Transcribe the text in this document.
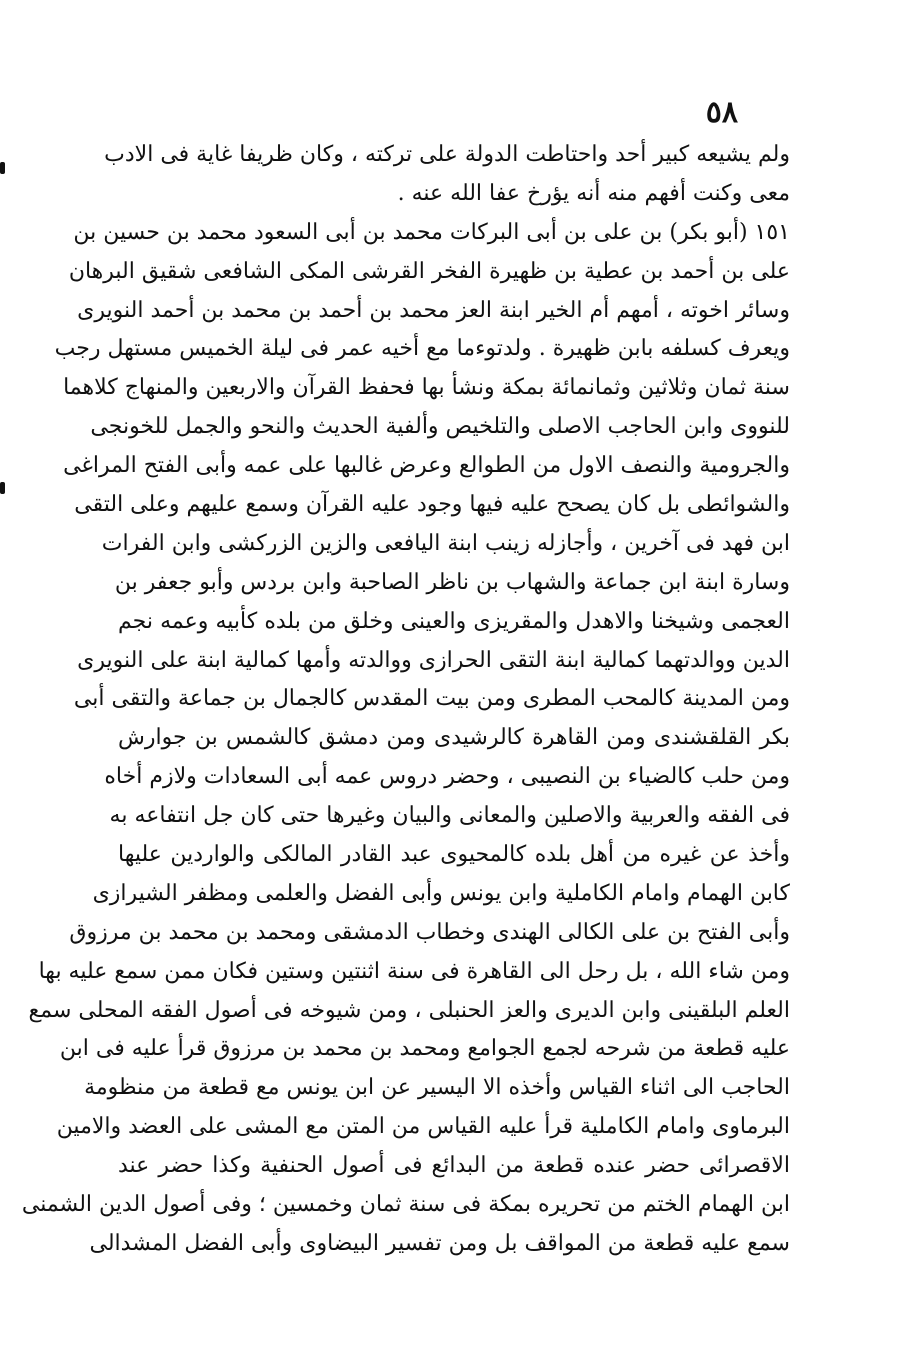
٥٨
ولم يشيعه كبير أحد واحتاطت الدولة على تركته ، وكان ظريفا غاية فى الادب
معى وكنت أفهم منه أنه يؤرخ عفا الله عنه .
١٥١ (أبو بكر) بن على بن أبى البركات محمد بن أبى السعود محمد بن حسين بن
على بن أحمد بن عطية بن ظهيرة الفخر القرشى المكى الشافعى شقيق البرهان
وسائر اخوته ، أمهم أم الخير ابنة العز محمد بن أحمد بن محمد بن أحمد النويرى
ويعرف كسلفه بابن ظهيرة . ولدتوءما مع أخيه عمر فى ليلة الخميس مستهل رجب
سنة ثمان وثلاثين وثمانمائة بمكة ونشأ بها فحفظ القرآن والاربعين والمنهاج كلاهما
للنووى وابن الحاجب الاصلى والتلخيص وألفية الحديث والنحو والجمل للخونجى
والجرومية والنصف الاول من الطوالع وعرض غالبها على عمه وأبى الفتح المراغى
والشوائطى بل كان يصحح عليه فيها وجود عليه القرآن وسمع عليهم وعلى التقى
ابن فهد فى آخرين ، وأجازله زينب ابنة اليافعى والزين الزركشى وابن الفرات
وسارة ابنة ابن جماعة والشهاب بن ناظر الصاحبة وابن بردس وأبو جعفر بن
العجمى وشيخنا والاهدل والمقريزى والعينى وخلق من بلده كأبيه وعمه نجم
الدين ووالدتهما كمالية ابنة التقى الحرازى ووالدته وأمها كمالية ابنة على النويرى
ومن المدينة كالمحب المطرى ومن بيت المقدس كالجمال بن جماعة والتقى أبى
بكر القلقشندى ومن القاهرة كالرشيدى ومن دمشق كالشمس بن جوارش
ومن حلب كالضياء بن النصيبى ، وحضر دروس عمه أبى السعادات ولازم أخاه
فى الفقه والعربية والاصلين والمعانى والبيان وغيرها حتى كان جل انتفاعه به
وأخذ عن غيره من أهل بلده كالمحيوى عبد القادر المالكى والواردين عليها
كابن الهمام وامام الكاملية وابن يونس وأبى الفضل والعلمى ومظفر الشيرازى
وأبى الفتح بن على الكالى الهندى وخطاب الدمشقى ومحمد بن محمد بن مرزوق
ومن شاء الله ، بل رحل الى القاهرة فى سنة اثنتين وستين فكان ممن سمع عليه بها
العلم البلقينى وابن الديرى والعز الحنبلى ، ومن شيوخه فى أصول الفقه المحلى سمع
عليه قطعة من شرحه لجمع الجوامع ومحمد بن محمد بن مرزوق قرأ عليه فى ابن
الحاجب الى اثناء القياس وأخذه الا اليسير عن ابن يونس مع قطعة من منظومة
البرماوى وامام الكاملية قرأ عليه القياس من المتن مع المشى على العضد والامين
الاقصرائى حضر عنده قطعة من البدائع فى أصول الحنفية وكذا حضر عند
ابن الهمام الختم من تحريره بمكة فى سنة ثمان وخمسين ؛ وفى أصول الدين الشمنى
سمع عليه قطعة من المواقف بل ومن تفسير البيضاوى وأبى الفضل المشدالى
